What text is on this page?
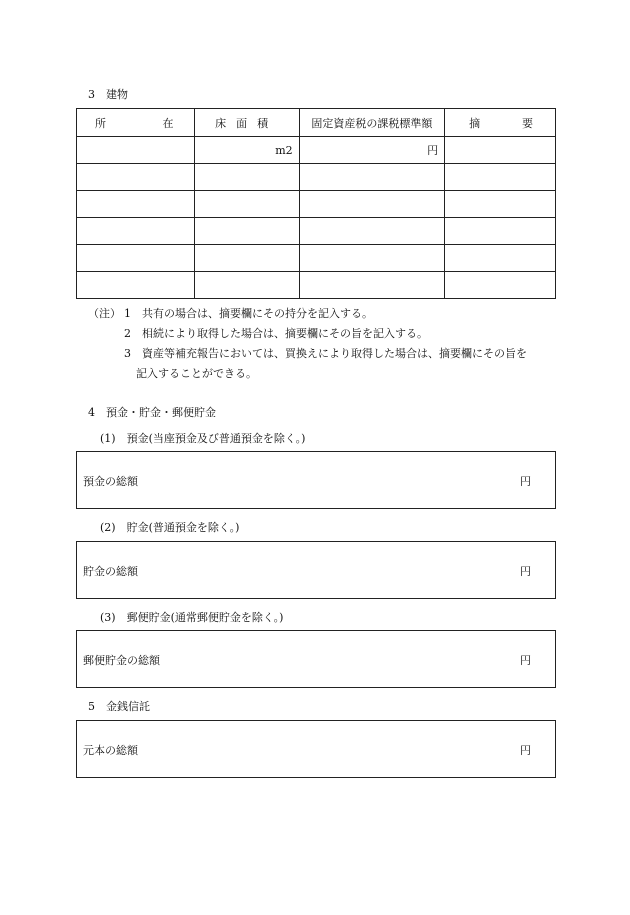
3　建物
所 在	床面積	固定資産税の課税標準額	摘 要

	m2	円	

（注） 1 共有の場合は、摘要欄にその持分を記入する。
2 相続により取得した場合は、摘要欄にその旨を記入する。
3 資産等補充報告においては、買換えにより取得した場合は、摘要欄にその旨を
記入することができる。
4　預金・貯金・郵便貯金
(1)　預金(当座預金及び普通預金を除く。)
預金の総額	円
(2)　貯金(普通預金を除く。)
貯金の総額	円
(3)　郵便貯金(通常郵便貯金を除く。)
郵便貯金の総額	円
5　金銭信託
元本の総額	円
